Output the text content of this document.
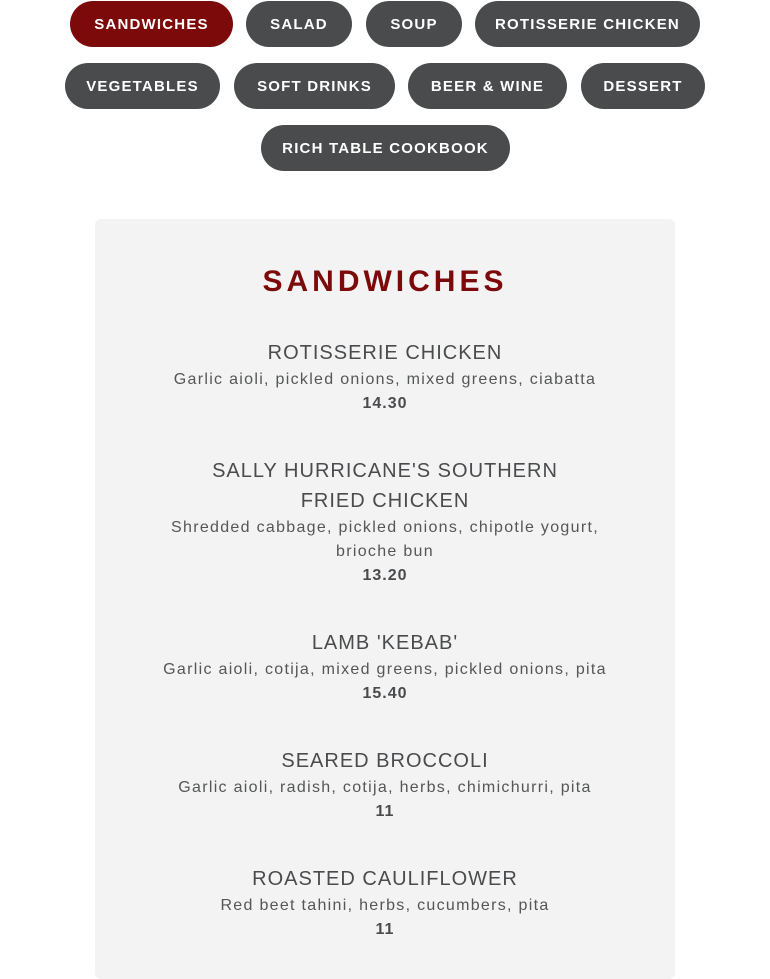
SANDWICHES	SALAD	SOUP	ROTISSERIE CHICKEN
VEGETABLES	SOFT DRINKS	BEER & WINE	DESSERT
RICH TABLE COOKBOOK
SANDWICHES

ROTISSERIE CHICKEN

Garlic aioli, pickled onions, mixed greens, ciabatta

14.30

SALLY HURRICANE'S SOUTHERN FRIED CHICKEN

Shredded cabbage, pickled onions, chipotle yogurt, brioche bun

13.20

LAMB 'KEBAB'

Garlic aioli, cotija, mixed greens, pickled onions, pita

15.40

SEARED BROCCOLI

Garlic aioli, radish, cotija, herbs, chimichurri, pita

11

ROASTED CAULIFLOWER

Red beet tahini, herbs, cucumbers, pita

11
